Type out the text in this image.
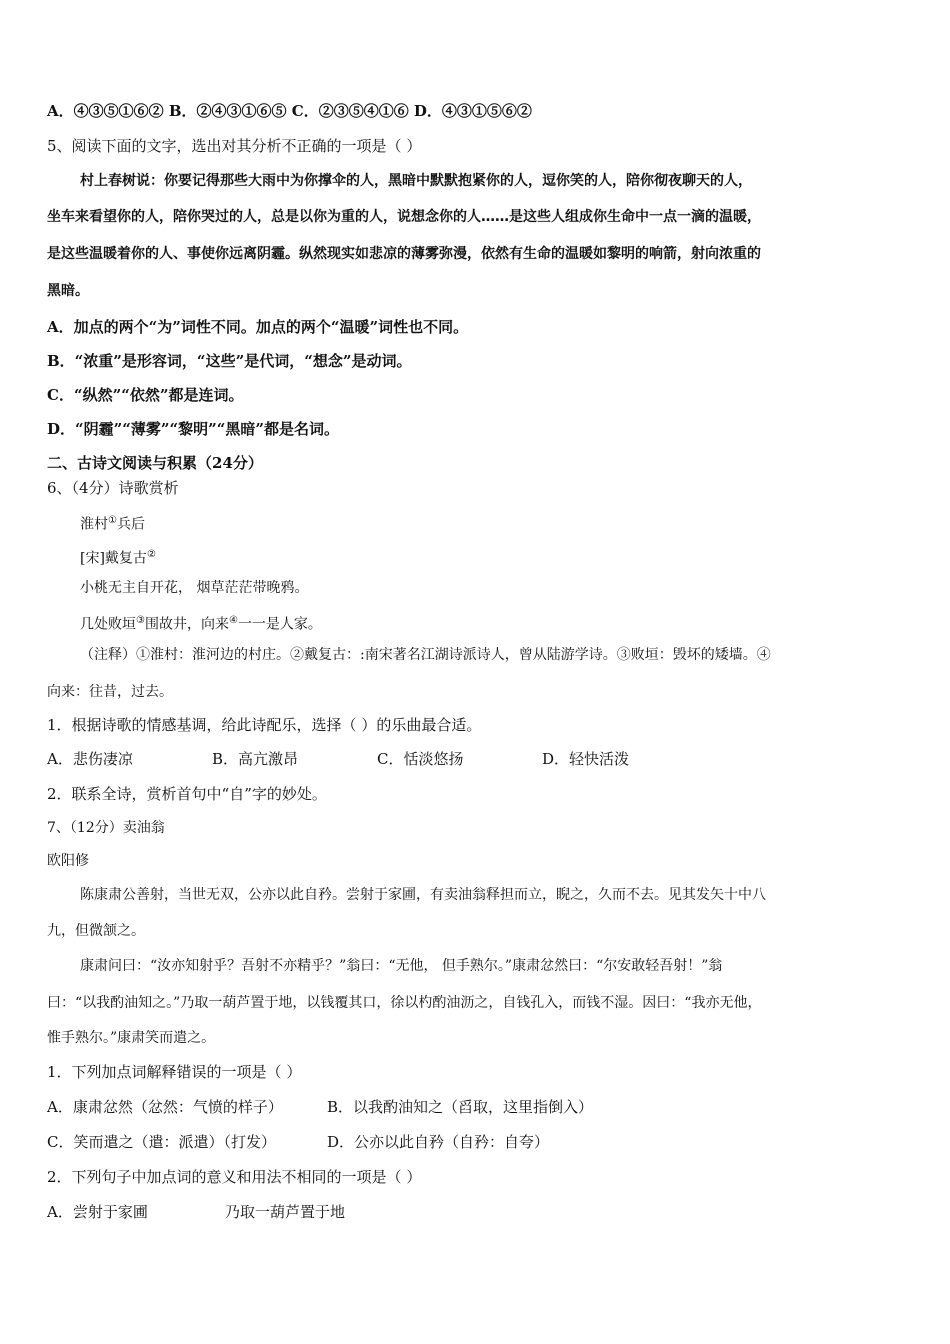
A．④③⑤①⑥② B．②④③①⑥⑤ C．②③⑤④①⑥ D．④③①⑤⑥②
5、阅读下面的文字，选出对其分析不正确的一项是（ ）
村上春树说：你要记得那些大雨中为你撑伞的人，黑暗中默默抱紧你的人，逗你笑的人，陪你彻夜聊天的人，
坐车来看望你的人，陪你哭过的人，总是以你为重的人，说想念你的人……是这些人组成你生命中一点一滴的温暖，
是这些温暖着你的人、事使你远离阴霾。纵然现实如悲凉的薄雾弥漫，依然有生命的温暖如黎明的响箭，射向浓重的
黑暗。
A．加点的两个“为”词性不同。加点的两个“温暖”词性也不同。
B．“浓重”是形容词，“这些”是代词，“想念”是动词。
C．“纵然”“依然”都是连词。
D．“阴霾”“薄雾”“黎明”“黑暗”都是名词。
二、古诗文阅读与积累（24分）
6、（4分）诗歌赏析
淮村①兵后
[宋]戴复古②
小桃无主自开花， 烟草茫茫带晚鸦。
几处败垣③围故井，向来④一一是人家。
（注释）①淮村：淮河边的村庄。②戴复古：:南宋著名江湖诗派诗人，曾从陆游学诗。③败垣：毁坏的矮墙。④
向来：往昔，过去。
1．根据诗歌的情感基调，给此诗配乐，选择（ ）的乐曲最合适。
A．悲伤凄凉	B．高亢激昂	C．恬淡悠扬	D．轻快活泼
2．联系全诗，赏析首句中“自”字的妙处。
7、（12分）卖油翁
欧阳修
陈康肃公善射，当世无双，公亦以此自矜。尝射于家圃，有卖油翁释担而立，睨之，久而不去。见其发矢十中八
九，但微颔之。
康肃问曰：“汝亦知射乎？吾射不亦精乎？”翁曰：“无他， 但手熟尔。”康肃忿然曰：“尔安敢轻吾射！”翁
曰：“以我酌油知之。”乃取一葫芦置于地，以钱覆其口，徐以杓酌油沥之，自钱孔入，而钱不湿。因曰：“我亦无他，
惟手熟尔。”康肃笑而遣之。
1．下列加点词解释错误的一项是（ ）
A．康肃忿然（忿然：气愤的样子）	B．以我酌油知之（舀取，这里指倒入）
C．笑而遣之（遣：派遣）（打发）	D．公亦以此自矜（自矜：自夸）
2．下列句子中加点词的意义和用法不相同的一项是（ ）
A．尝射于家圃	乃取一葫芦置于地
